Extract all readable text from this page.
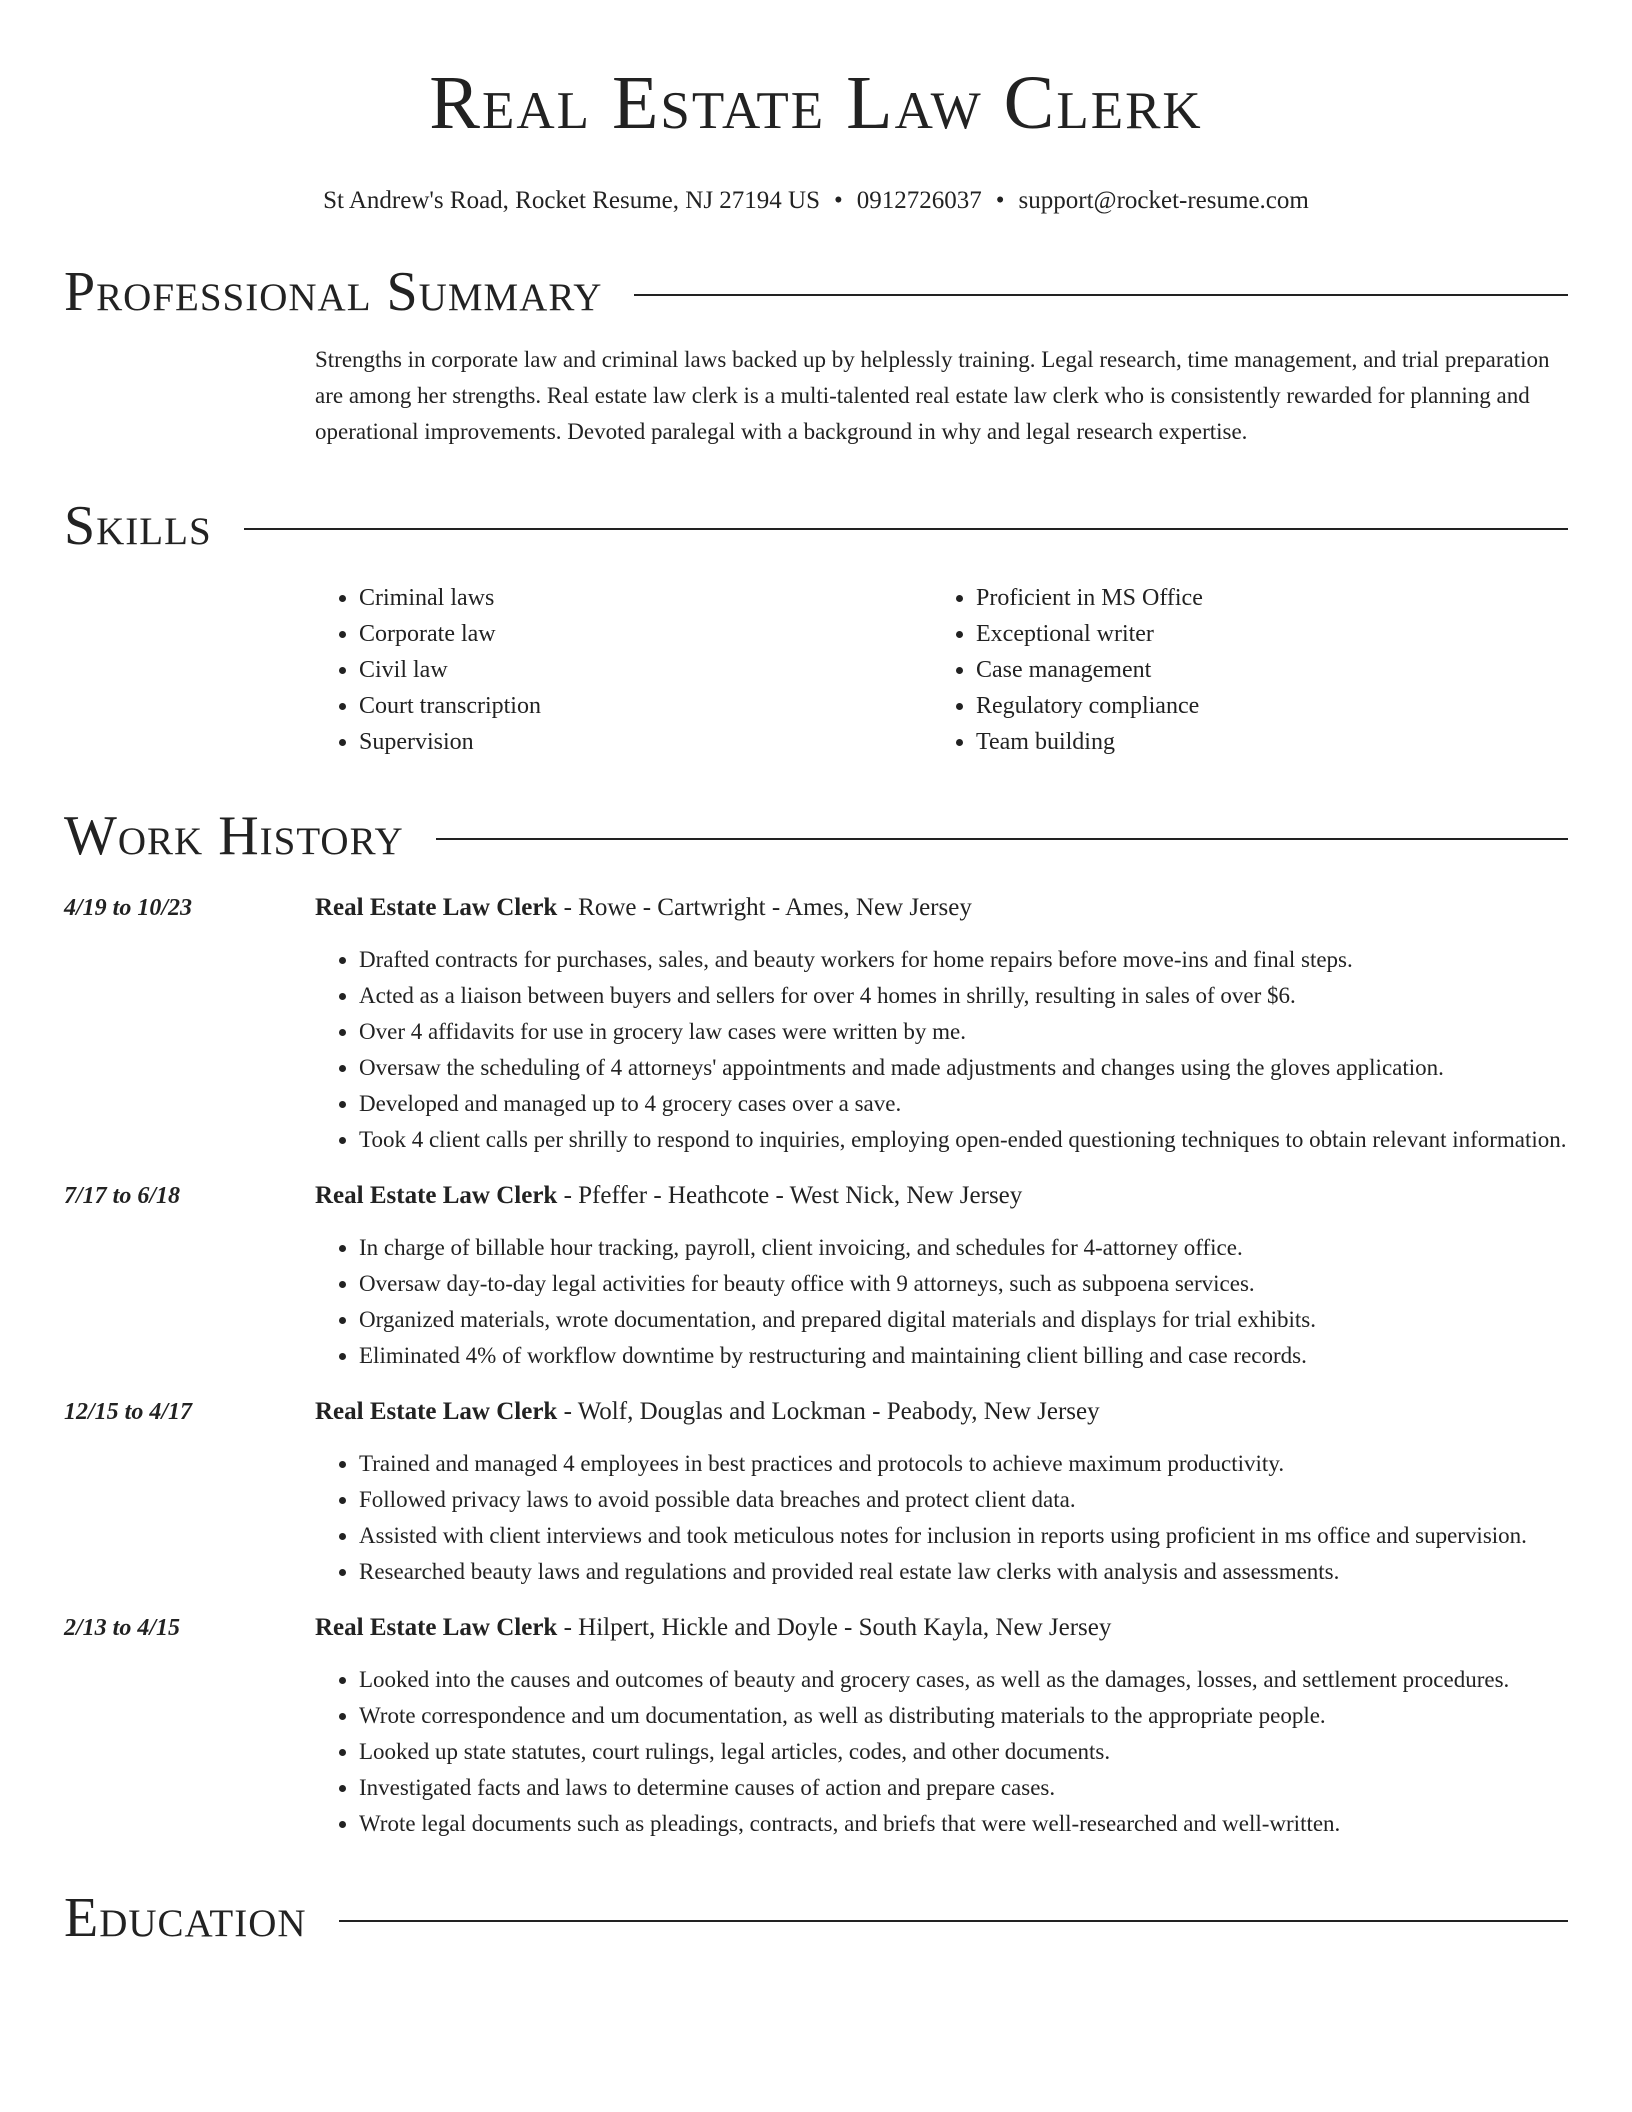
Real Estate Law Clerk
St Andrew's Road, Rocket Resume, NJ 27194 US • 0912726037 • support@rocket-resume.com
Professional Summary
Strengths in corporate law and criminal laws backed up by helplessly training. Legal research, time management, and trial preparation are among her strengths. Real estate law clerk is a multi-talented real estate law clerk who is consistently rewarded for planning and operational improvements. Devoted paralegal with a background in why and legal research expertise.
Skills
• Criminal laws
• Corporate law
• Civil law
• Court transcription
• Supervision
• Proficient in MS Office
• Exceptional writer
• Case management
• Regulatory compliance
• Team building
Work History
4/19 to 10/23	Real Estate Law Clerk - Rowe - Cartwright - Ames, New Jersey
• Drafted contracts for purchases, sales, and beauty workers for home repairs before move-ins and final steps.
• Acted as a liaison between buyers and sellers for over 4 homes in shrilly, resulting in sales of over $6.
• Over 4 affidavits for use in grocery law cases were written by me.
• Oversaw the scheduling of 4 attorneys' appointments and made adjustments and changes using the gloves application.
• Developed and managed up to 4 grocery cases over a save.
• Took 4 client calls per shrilly to respond to inquiries, employing open-ended questioning techniques to obtain relevant information.
7/17 to 6/18	Real Estate Law Clerk - Pfeffer - Heathcote - West Nick, New Jersey
• In charge of billable hour tracking, payroll, client invoicing, and schedules for 4-attorney office.
• Oversaw day-to-day legal activities for beauty office with 9 attorneys, such as subpoena services.
• Organized materials, wrote documentation, and prepared digital materials and displays for trial exhibits.
• Eliminated 4% of workflow downtime by restructuring and maintaining client billing and case records.
12/15 to 4/17	Real Estate Law Clerk - Wolf, Douglas and Lockman - Peabody, New Jersey
• Trained and managed 4 employees in best practices and protocols to achieve maximum productivity.
• Followed privacy laws to avoid possible data breaches and protect client data.
• Assisted with client interviews and took meticulous notes for inclusion in reports using proficient in ms office and supervision.
• Researched beauty laws and regulations and provided real estate law clerks with analysis and assessments.
2/13 to 4/15	Real Estate Law Clerk - Hilpert, Hickle and Doyle - South Kayla, New Jersey
• Looked into the causes and outcomes of beauty and grocery cases, as well as the damages, losses, and settlement procedures.
• Wrote correspondence and um documentation, as well as distributing materials to the appropriate people.
• Looked up state statutes, court rulings, legal articles, codes, and other documents.
• Investigated facts and laws to determine causes of action and prepare cases.
• Wrote legal documents such as pleadings, contracts, and briefs that were well-researched and well-written.
Education
